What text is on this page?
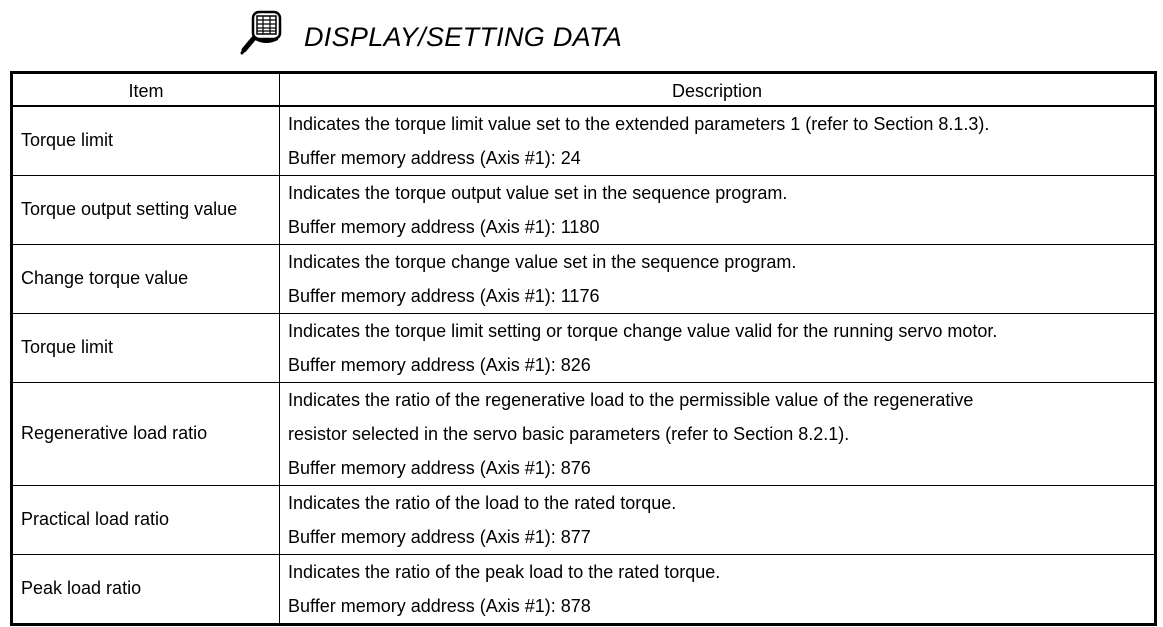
DISPLAY/SETTING DATA
Item	Description
Torque limit	Indicates the torque limit value set to the extended parameters 1 (refer to Section 8.1.3).
Buffer memory address (Axis #1): 24

Torque output setting value	Indicates the torque output value set in the sequence program.
Buffer memory address (Axis #1): 1180

Change torque value	Indicates the torque change value set in the sequence program.
Buffer memory address (Axis #1): 1176

Torque limit	Indicates the torque limit setting or torque change value valid for the running servo motor.
Buffer memory address (Axis #1): 826

Regenerative load ratio	Indicates the ratio of the regenerative load to the permissible value of the regenerative
resistor selected in the servo basic parameters (refer to Section 8.2.1).
Buffer memory address (Axis #1): 876

Practical load ratio	Indicates the ratio of the load to the rated torque.
Buffer memory address (Axis #1): 877

Peak load ratio	Indicates the ratio of the peak load to the rated torque.
Buffer memory address (Axis #1): 878
